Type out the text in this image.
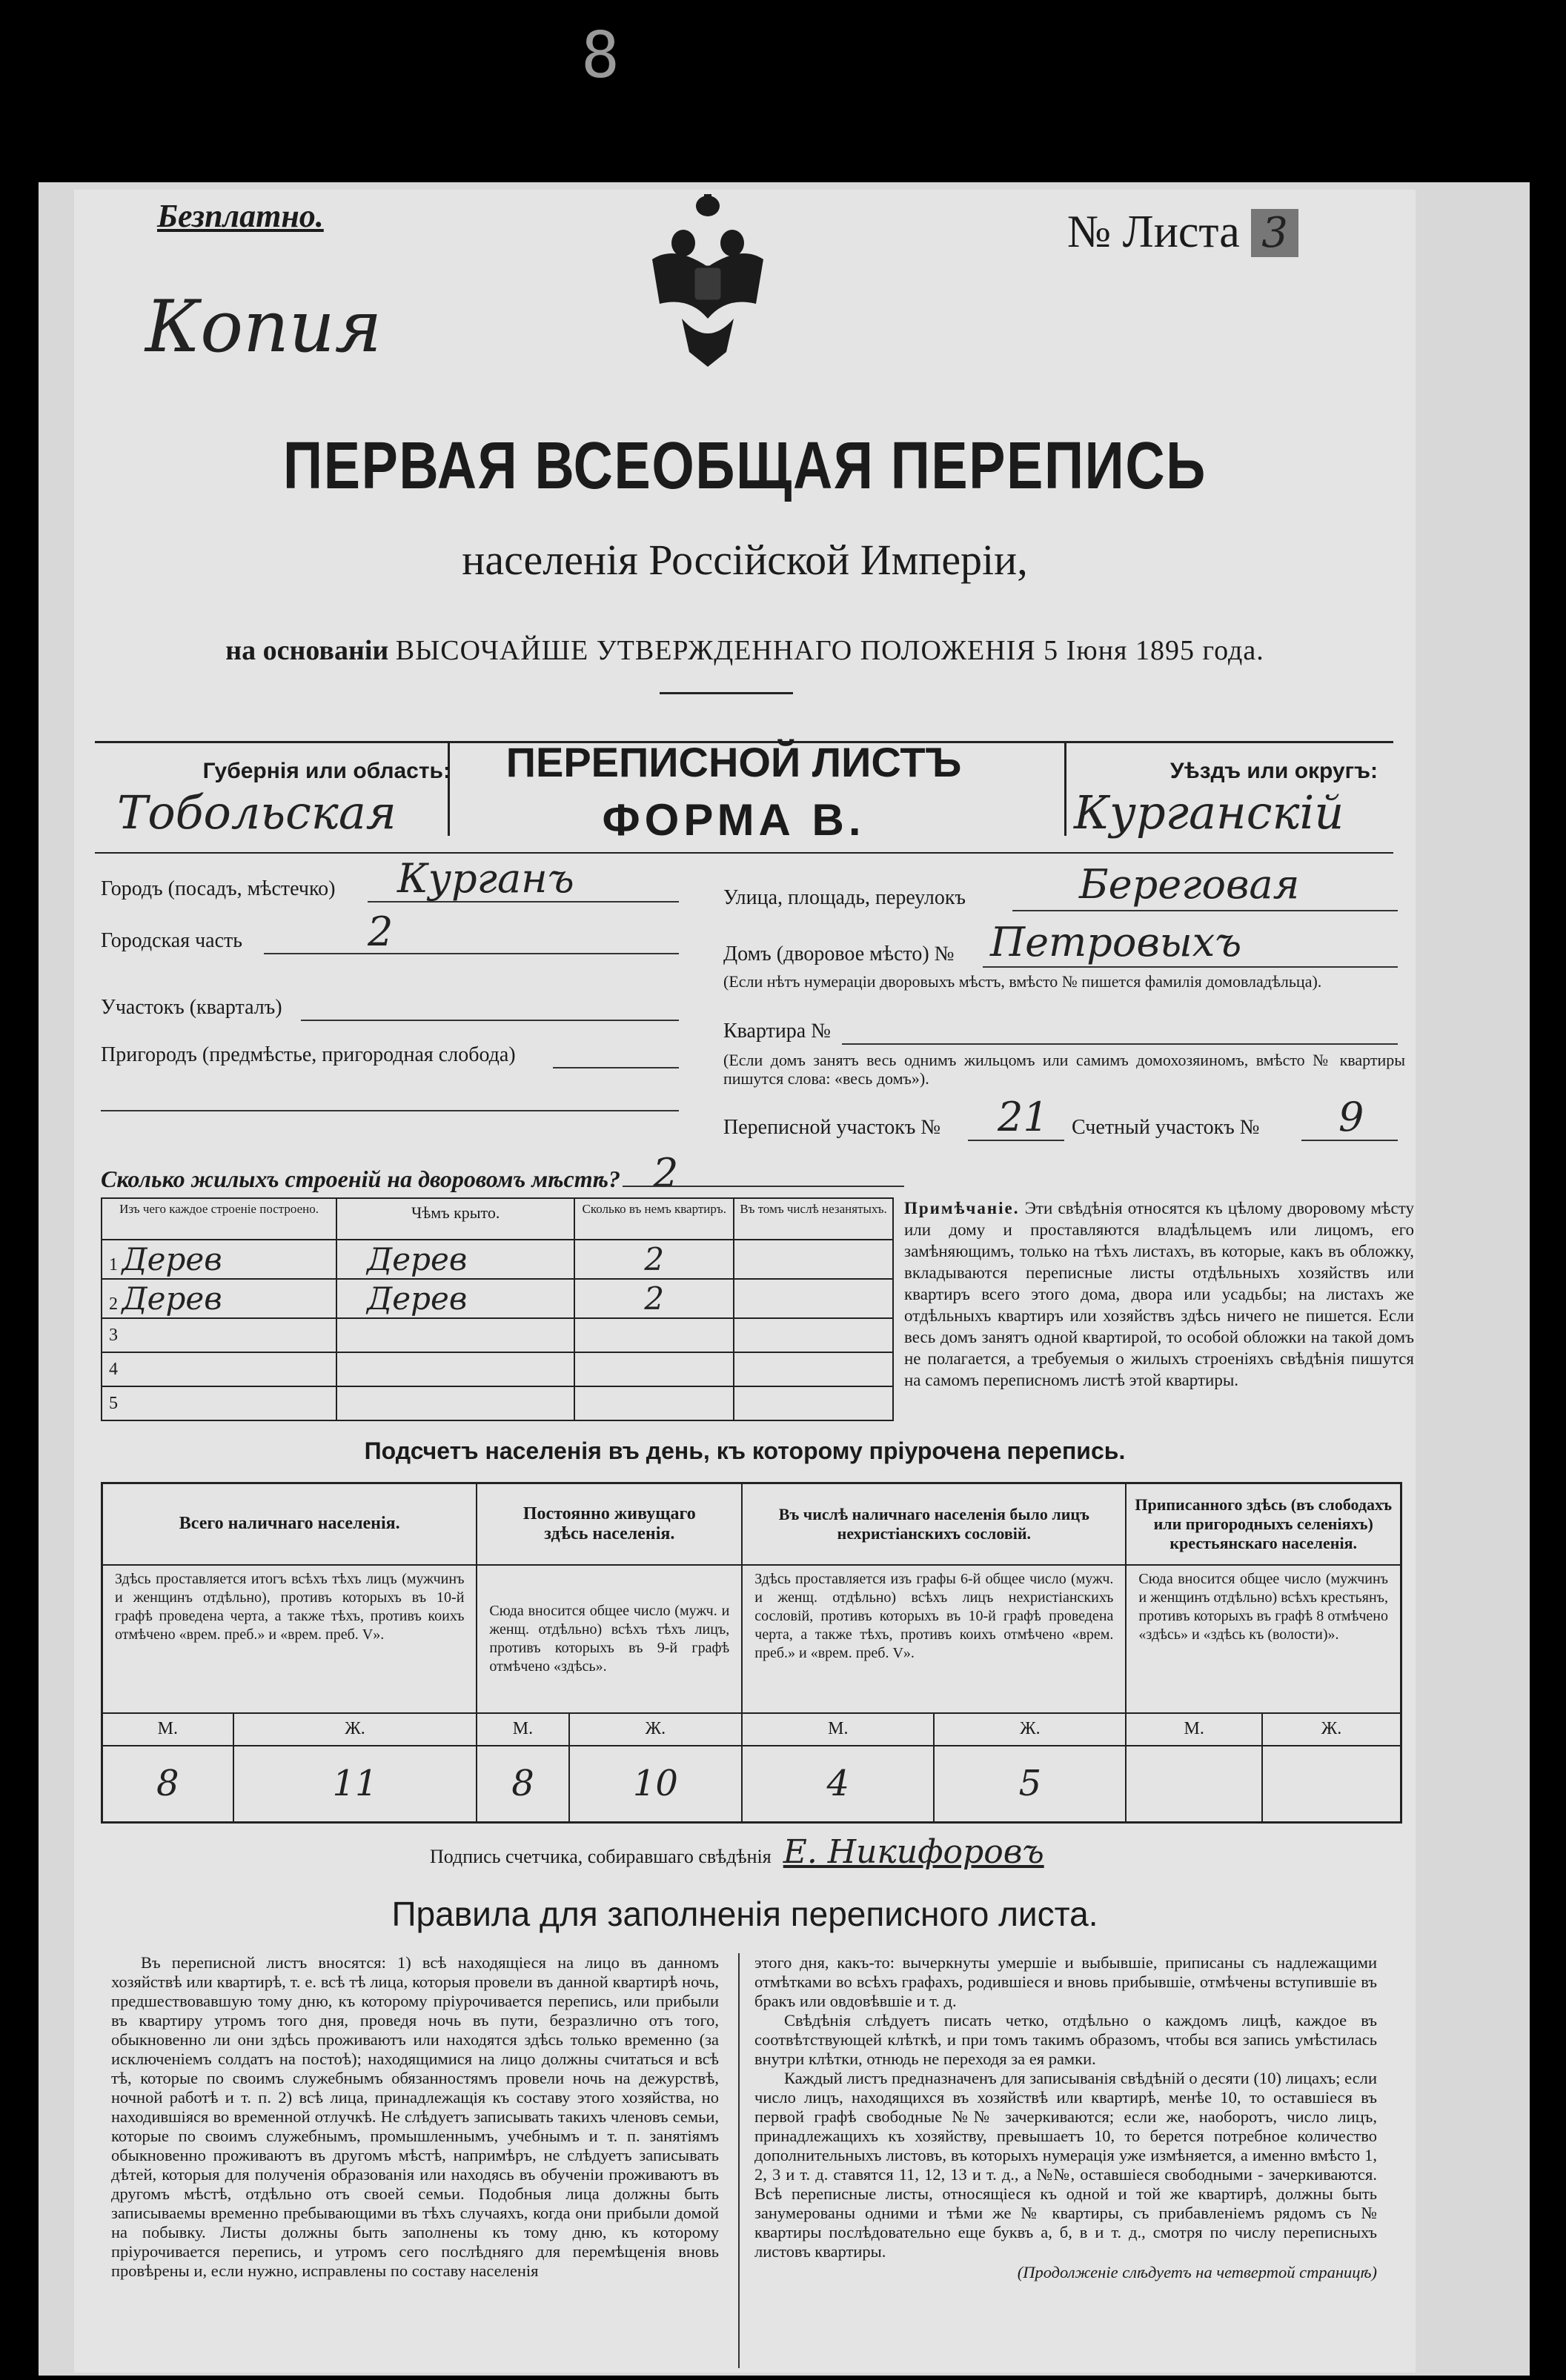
8
Безплатно.	№ Листа 3
Копия
ПЕРВАЯ ВСЕОБЩАЯ ПЕРЕПИСЬ
населенія Россійской Имперіи,
на основаніи ВЫСОЧАЙШЕ УТВЕРЖДЕННАГО ПОЛОЖЕНІЯ 5 Іюня 1895 года.
Губернія или область:
Тобольская
ПЕРЕПИСНОЙ ЛИСТЪ
ФОРМА В.
Уѣздъ или округъ:
Курганскій
Городъ (посадъ, мѣстечко) Курганъ
Городская часть	2
Участокъ (кварталъ)
Пригородъ (предмѣстье, пригородная слобода)
Улица, площадь, переулокъ	Береговая
Домъ (дворовое мѣсто) № Петровыхъ
(Если нѣтъ нумераціи дворовыхъ мѣстъ, вмѣсто № пишется фамилія домовладѣльца).
Квартира №
(Если домъ занятъ весь однимъ жильцомъ или самимъ домохозяиномъ, вмѣсто № квартиры пишутся слова: «весь домъ»).
Переписной участокъ № 21 Счетный участокъ № 9
Сколько жилыхъ строеній на дворовомъ мѣстѣ? 2
Изъ чего каждое строеніе построено.	Чѣмъ крыто.	Сколько въ немъ квартиръ.	Въ томъ числѣ незанятыхъ.
1 Дерев	Дерев	2	
2 Дерев	Дерев	2	
3			
4			
5			
Примѣчаніе. Эти свѣдѣнія относятся къ цѣлому дворовому мѣсту или дому и проставляются владѣльцемъ или лицомъ, его замѣняющимъ, только на тѣхъ листахъ, въ которые, какъ въ обложку, вкладываются переписные листы отдѣльныхъ хозяйствъ или квартиръ всего этого дома, двора или усадьбы; на листахъ же отдѣльныхъ квартиръ или хозяйствъ здѣсь ничего не пишется. Если весь домъ занятъ одной квартирой, то особой обложки на такой домъ не полагается, а требуемыя о жилыхъ строеніяхъ свѣдѣнія пишутся на самомъ переписномъ листѣ этой квартиры.
Подсчетъ населенія въ день, къ которому пріурочена перепись.
Всего наличнаго населенія.		Постоянно живущаго здѣсь населенія.		Въ числѣ наличнаго населенія было лицъ нехристіанскихъ сословій.		Приписанного здѣсь (въ слободахъ или пригородныхъ селеніяхъ) крестьянскаго населенія.	
Здѣсь проставляется итогъ всѣхъ тѣхъ лицъ (мужчинъ и женщинъ отдѣльно), противъ которыхъ въ 10-й графѣ проведена черта, а также тѣхъ, противъ коихъ отмѣчено «врем. преб.» и «врем. преб. V».		Сюда вносится общее число (мужч. и женщ. отдѣльно) всѣхъ тѣхъ лицъ, противъ которыхъ въ 9-й графѣ отмѣчено «здѣсь».		Здѣсь проставляется изъ графы 6-й общее число (мужч. и женщ. отдѣльно) всѣхъ лицъ нехристіанскихъ сословій, противъ которыхъ въ 10-й графѣ проведена черта, а также тѣхъ, противъ коихъ отмѣчено «врем. преб.» и «врем. преб. V».		Сюда вносится общее число (мужчинъ и женщинъ отдѣльно) всѣхъ крестьянъ, противъ которыхъ въ графѣ 8 отмѣчено «здѣсь» и «здѣсь къ (волости)».	
М.	Ж.	М.	Ж.	М.	Ж.	М.	Ж.
8	11	8	10	4	5		
Подпись счетчика, собиравшаго свѣдѣнія Е. Никифоровъ
Правила для заполненія переписного листа.
Въ переписной листъ вносятся: 1) всѣ находящіеся на лицо въ данномъ хозяйствѣ или квартирѣ, т. е. всѣ тѣ лица, которыя провели въ данной квартирѣ ночь, предшествовавшую тому дню, къ которому пріурочивается перепись, или прибыли въ квартиру утромъ того дня, проведя ночь въ пути, безразлично отъ того, обыкновенно ли они здѣсь проживаютъ или находятся здѣсь только временно (за исключеніемъ солдатъ на постоѣ); находящимися на лицо должны считаться и всѣ тѣ, которые по своимъ служебнымъ обязанностямъ провели ночь на дежурствѣ, ночной работѣ и т. п. 2) всѣ лица, принадлежащія къ составу этого хозяйства, но находившіяся во временной отлучкѣ. Не слѣдуетъ записывать такихъ членовъ семьи, которые по своимъ служебнымъ, промышленнымъ, учебнымъ и т. п. занятіямъ обыкновенно проживаютъ въ другомъ мѣстѣ, напримѣръ, не слѣдуетъ записывать дѣтей, которыя для полученія образованія или находясь въ обученіи проживаютъ въ другомъ мѣстѣ, отдѣльно отъ своей семьи. Подобныя лица должны быть записываемы временно пребывающими въ тѣхъ случаяхъ, когда они прибыли домой на побывку. Листы должны быть заполнены къ тому дню, къ которому пріурочивается перепись, и утромъ сего послѣдняго для перемѣщенія вновь провѣрены и, если нужно, исправлены по составу населенія
этого дня, какъ-то: вычеркнуты умершіе и выбывшіе, приписаны съ надлежащими отмѣтками во всѣхъ графахъ, родившіеся и вновь прибывшіе, отмѣчены вступившіе въ бракъ или овдовѣвшіе и т. д.
Свѣдѣнія слѣдуетъ писать четко, отдѣльно о каждомъ лицѣ, каждое въ соотвѣтствующей клѣткѣ, и при томъ такимъ образомъ, чтобы вся запись умѣстилась внутри клѣтки, отнюдь не переходя за ея рамки.
Каждый листъ предназначенъ для записыванія свѣдѣній о десяти (10) лицахъ; если число лицъ, находящихся въ хозяйствѣ или квартирѣ, менѣе 10, то оставшіеся въ первой графѣ свободные №№ зачеркиваются; если же, наоборотъ, число лицъ, принадлежащихъ къ хозяйству, превышаетъ 10, то берется потребное количество дополнительныхъ листовъ, въ которыхъ нумерація уже измѣняется, а именно вмѣсто 1, 2, 3 и т. д. ставятся 11, 12, 13 и т. д., а №№, оставшіеся свободными - зачеркиваются. Всѣ переписные листы, относящіеся къ одной и той же квартирѣ, должны быть занумерованы одними и тѣми же № квартиры, съ прибавленіемъ рядомъ съ № квартиры послѣдовательно еще буквъ а, б, в и т. д., смотря по числу переписныхъ листовъ квартиры.
(Продолженіе слѣдуетъ на четвертой страницѣ)
